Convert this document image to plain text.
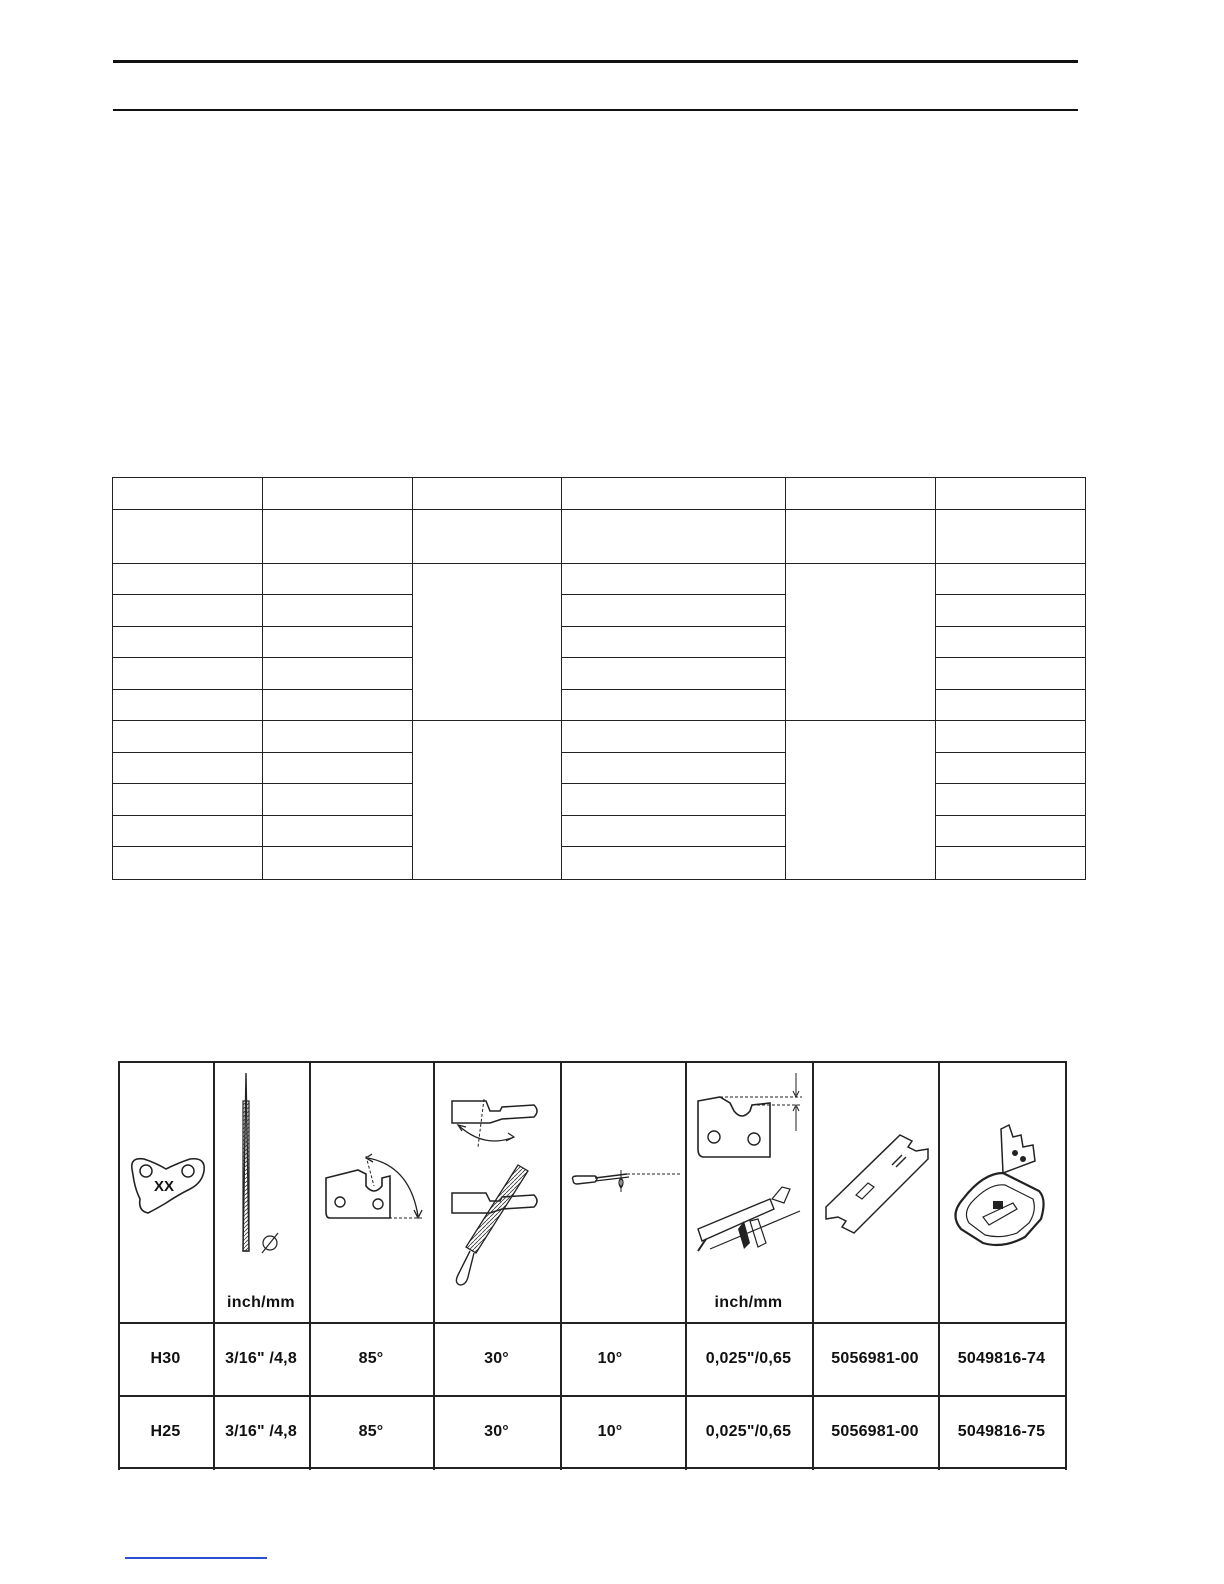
XX
inch/mm	inch/mm
H30	3/16" /4,8	85°	30°	10°	0,025"/0,65	5056981-00	5049816-74
H25	3/16" /4,8	85°	30°	10°	0,025"/0,65	5056981-00	5049816-75
